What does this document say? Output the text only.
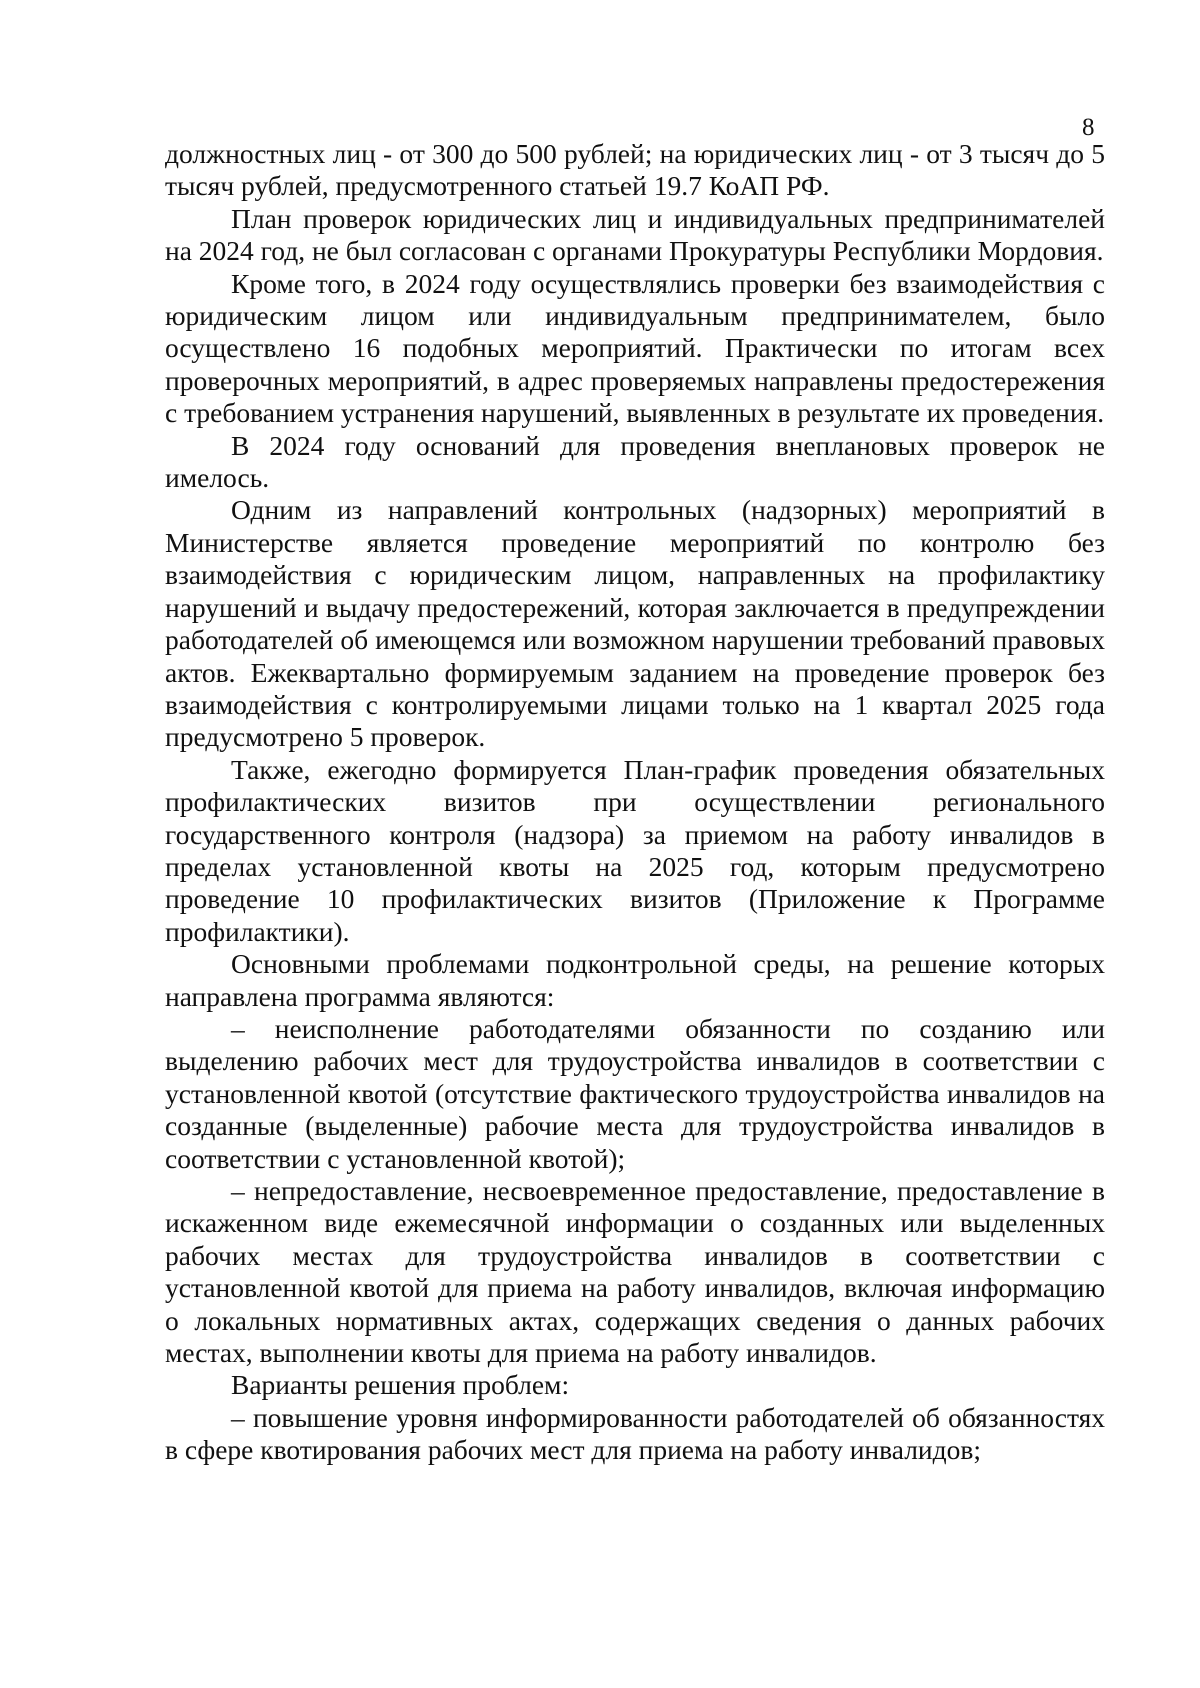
8

должностных лиц - от 300 до 500 рублей; на юридических лиц - от 3 тысяч до 5 тысяч рублей, предусмотренного статьей 19.7 КоАП РФ.

План проверок юридических лиц и индивидуальных предпринимателей на 2024 год, не был согласован с органами Прокуратуры Республики Мордовия.

Кроме того, в 2024 году осуществлялись проверки без взаимодействия с юридическим лицом или индивидуальным предпринимателем, было осуществлено 16 подобных мероприятий. Практически по итогам всех проверочных мероприятий, в адрес проверяемых направлены предостережения с требованием устранения нарушений, выявленных в результате их проведения.

В 2024 году оснований для проведения внеплановых проверок не имелось.

Одним из направлений контрольных (надзорных) мероприятий в Министерстве является проведение мероприятий по контролю без взаимодействия с юридическим лицом, направленных на профилактику нарушений и выдачу предостережений, которая заключается в предупреждении работодателей об имеющемся или возможном нарушении требований правовых актов. Ежеквартально формируемым заданием на проведение проверок без взаимодействия с контролируемыми лицами только на 1 квартал 2025 года предусмотрено 5 проверок.

Также, ежегодно формируется План-график проведения обязательных профилактических визитов при осуществлении регионального государственного контроля (надзора) за приемом на работу инвалидов в пределах установленной квоты на 2025 год, которым предусмотрено проведение 10 профилактических визитов (Приложение к Программе профилактики).

Основными проблемами подконтрольной среды, на решение которых направлена программа являются:

– неисполнение работодателями обязанности по созданию или выделению рабочих мест для трудоустройства инвалидов в соответствии с установленной квотой (отсутствие фактического трудоустройства инвалидов на созданные (выделенные) рабочие места для трудоустройства инвалидов в соответствии с установленной квотой);

– непредоставление, несвоевременное предоставление, предоставление в искаженном виде ежемесячной информации о созданных или выделенных рабочих местах для трудоустройства инвалидов в соответствии с установленной квотой для приема на работу инвалидов, включая информацию о локальных нормативных актах, содержащих сведения о данных рабочих местах, выполнении квоты для приема на работу инвалидов.

Варианты решения проблем:

– повышение уровня информированности работодателей об обязанностях в сфере квотирования рабочих мест для приема на работу инвалидов;
